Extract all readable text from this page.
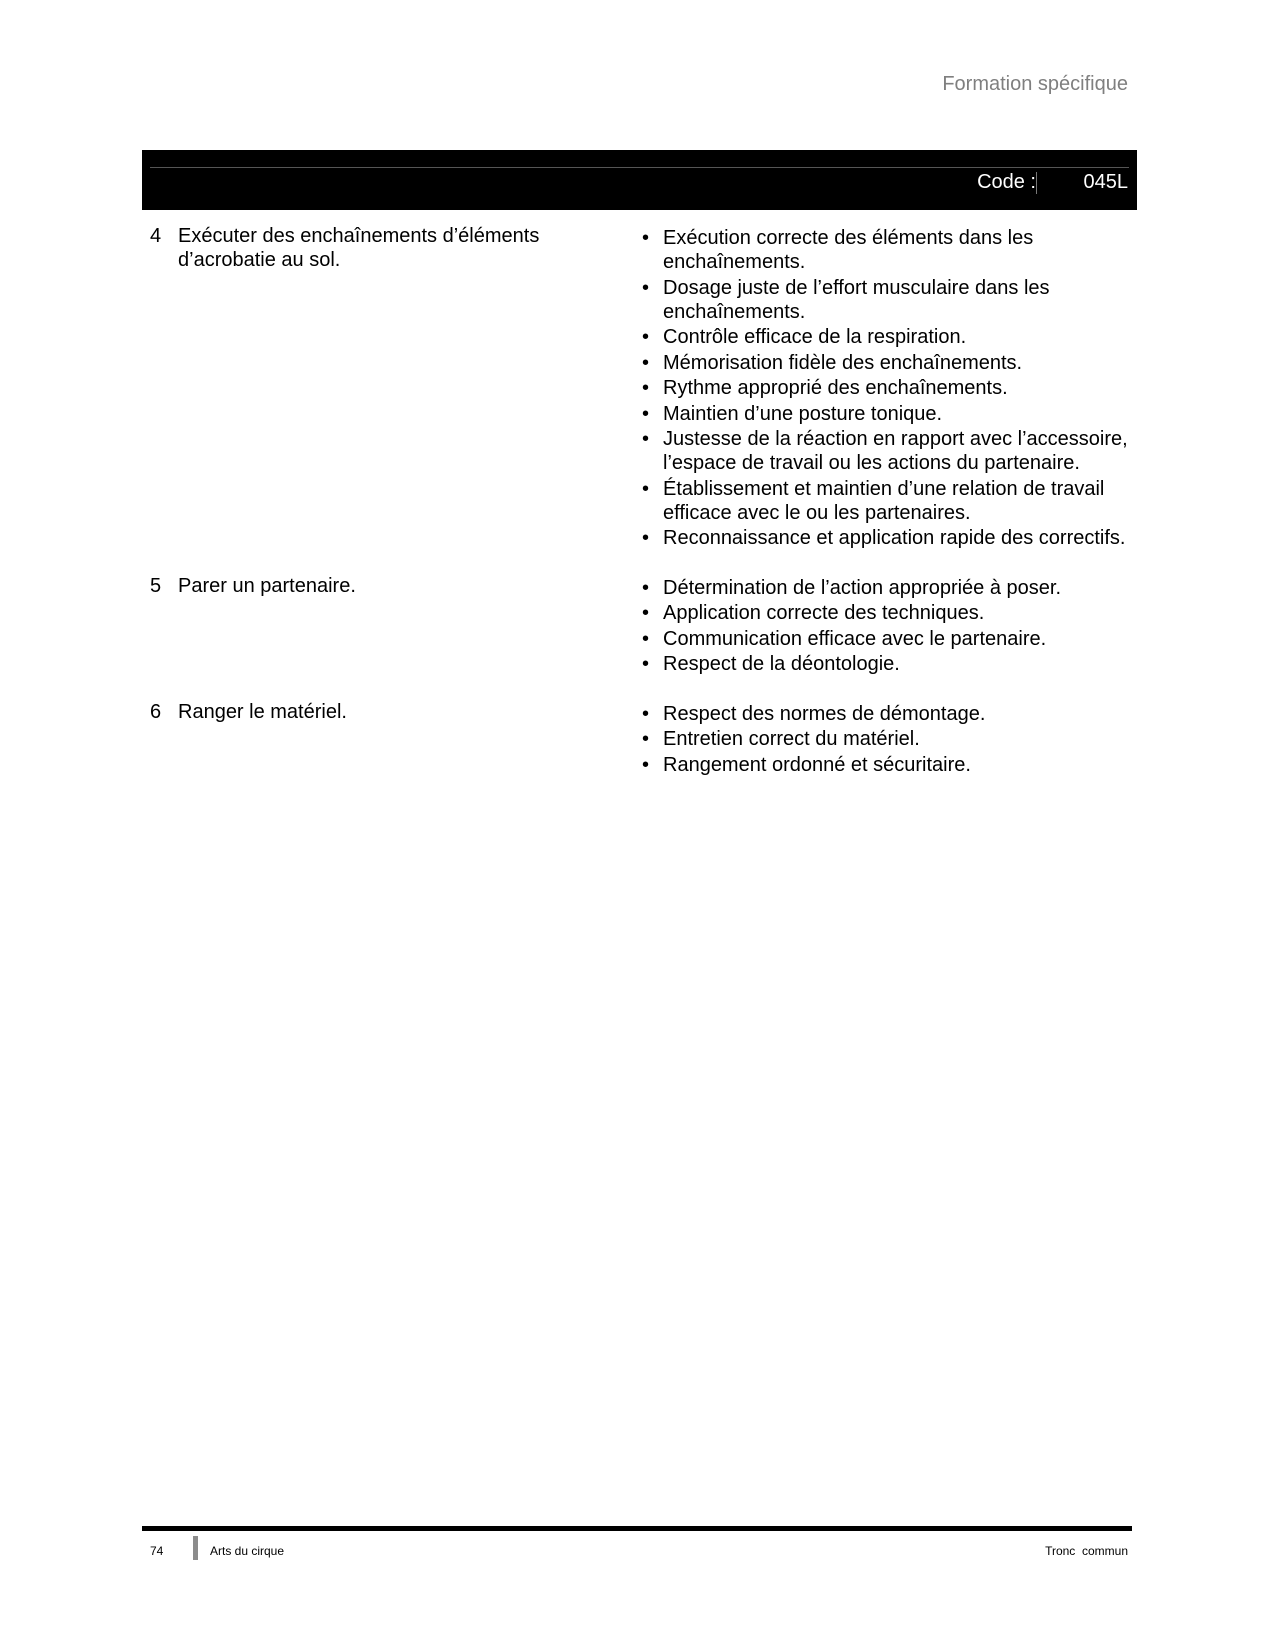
Formation spécifique
Code : 045L
4 Exécuter des enchaînements d’éléments d’acrobatie au sol.
• Exécution correcte des éléments dans les enchaînements.
• Dosage juste de l’effort musculaire dans les enchaînements.
• Contrôle efficace de la respiration.
• Mémorisation fidèle des enchaînements.
• Rythme approprié des enchaînements.
• Maintien d’une posture tonique.
• Justesse de la réaction en rapport avec l’accessoire, l’espace de travail ou les actions du partenaire.
• Établissement et maintien d’une relation de travail efficace avec le ou les partenaires.
• Reconnaissance et application rapide des correctifs.
5 Parer un partenaire.	• Détermination de l’action appropriée à poser.
• Application correcte des techniques.
• Communication efficace avec le partenaire.
• Respect de la déontologie.
6 Ranger le matériel.	• Respect des normes de démontage.
• Entretien correct du matériel.
• Rangement ordonné et sécuritaire.
74	Arts du cirque	Tronc  commun
